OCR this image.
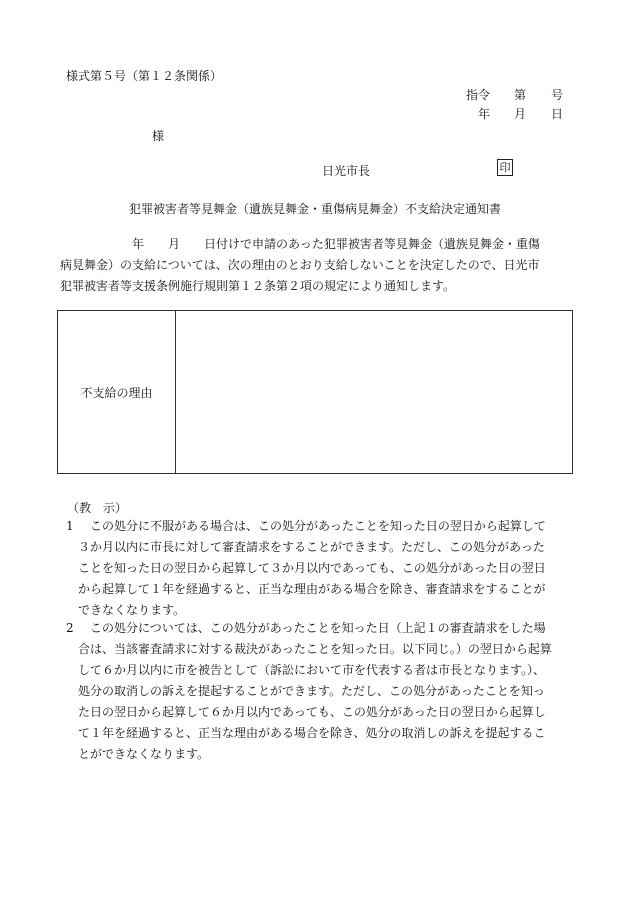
様式第５号（第１２条関係）
指令 第 号
年 月 日
様
日光市長	印
犯罪被害者等見舞金（遺族見舞金・重傷病見舞金）不支給決定通知書

　　　　　　年　　月　　日付けで申請のあった犯罪被害者等見舞金（遺族見舞金・重傷

病見舞金）の支給については、次の理由のとおり支給しないことを決定したので、日光市

犯罪被害者等支援条例施行規則第１２条第２項の規定により通知します。

不支給の理由
（教　示）
1	この処分に不服がある場合は、この処分があったことを知った日の翌日から起算して

３か月以内に市長に対して審査請求をすることができます。ただし、この処分があった

ことを知った日の翌日から起算して３か月以内であっても、この処分があった日の翌日

から起算して１年を経過すると、正当な理由がある場合を除き、審査請求をすることが

できなくなります。

2	この処分については、この処分があったことを知った日（上記１の審査請求をした場

合は、当該審査請求に対する裁決があったことを知った日。以下同じ。）の翌日から起算

して６か月以内に市を被告として（訴訟において市を代表する者は市長となります。）、

処分の取消しの訴えを提起することができます。ただし、この処分があったことを知っ

た日の翌日から起算して６か月以内であっても、この処分があった日の翌日から起算し

て１年を経過すると、正当な理由がある場合を除き、処分の取消しの訴えを提起するこ

とができなくなります。
